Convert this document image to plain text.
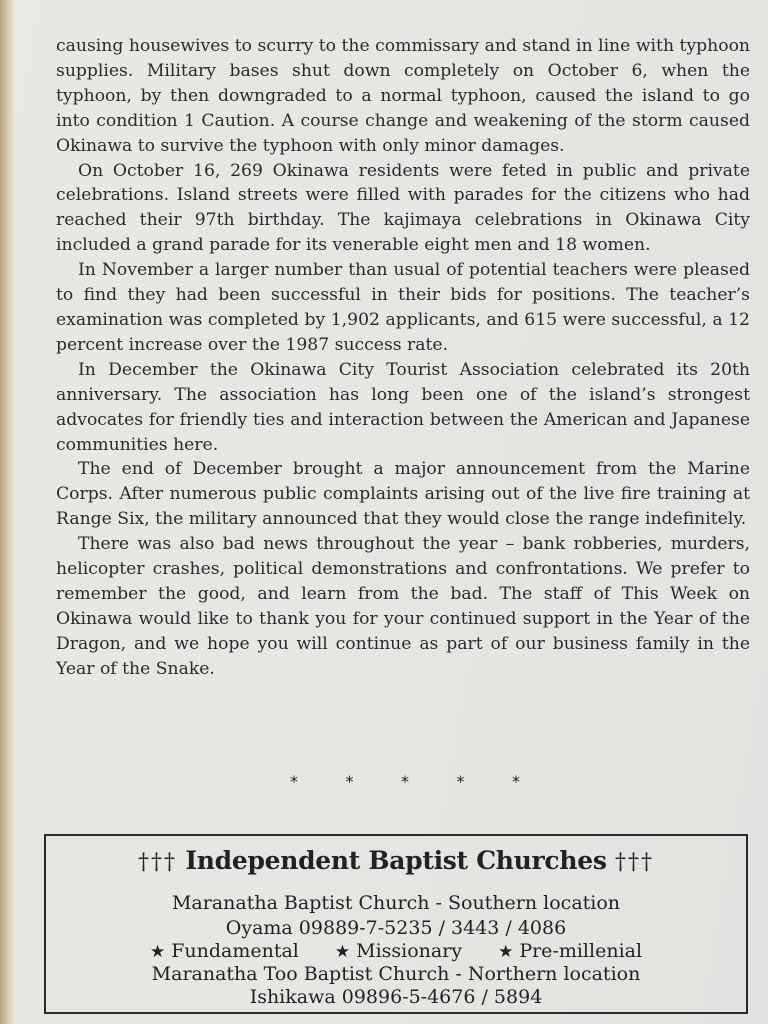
causing housewives to scurry to the commissary and stand in line with typhoon supplies. Military bases shut down completely on October 6, when the typhoon, by then downgraded to a normal typhoon, caused the island to go into condition 1 Caution. A course change and weakening of the storm caused Okinawa to survive the typhoon with only minor damages.

On October 16, 269 Okinawa residents were feted in public and private celebrations. Island streets were filled with parades for the citizens who had reached their 97th birthday. The kajimaya celebrations in Okinawa City included a grand parade for its venerable eight men and 18 women.

In November a larger number than usual of potential teachers were pleased to find they had been successful in their bids for positions. The teacher’s examination was completed by 1,902 applicants, and 615 were successful, a 12 percent increase over the 1987 success rate.

In December the Okinawa City Tourist Association celebrated its 20th anniversary. The association has long been one of the island’s strongest advocates for friendly ties and interaction between the American and Japanese communities here.

The end of December brought a major announcement from the Marine Corps. After numerous public complaints arising out of the live fire training at Range Six, the military announced that they would close the range indefinitely.

There was also bad news throughout the year – bank robberies, murders, helicopter crashes, political demonstrations and confrontations. We prefer to remember the good, and learn from the bad. The staff of This Week on Okinawa would like to thank you for your continued support in the Year of the Dragon, and we hope you will continue as part of our business family in the Year of the Snake.

*	*	*	*	*
††† Independent Baptist Churches †††
Maranatha Baptist Church - Southern location
Oyama 09889-7-5235 / 3443 / 4086
★ Fundamental ★ Missionary ★ Pre-millenial
Maranatha Too Baptist Church - Northern location
Ishikawa 09896-5-4676 / 5894
